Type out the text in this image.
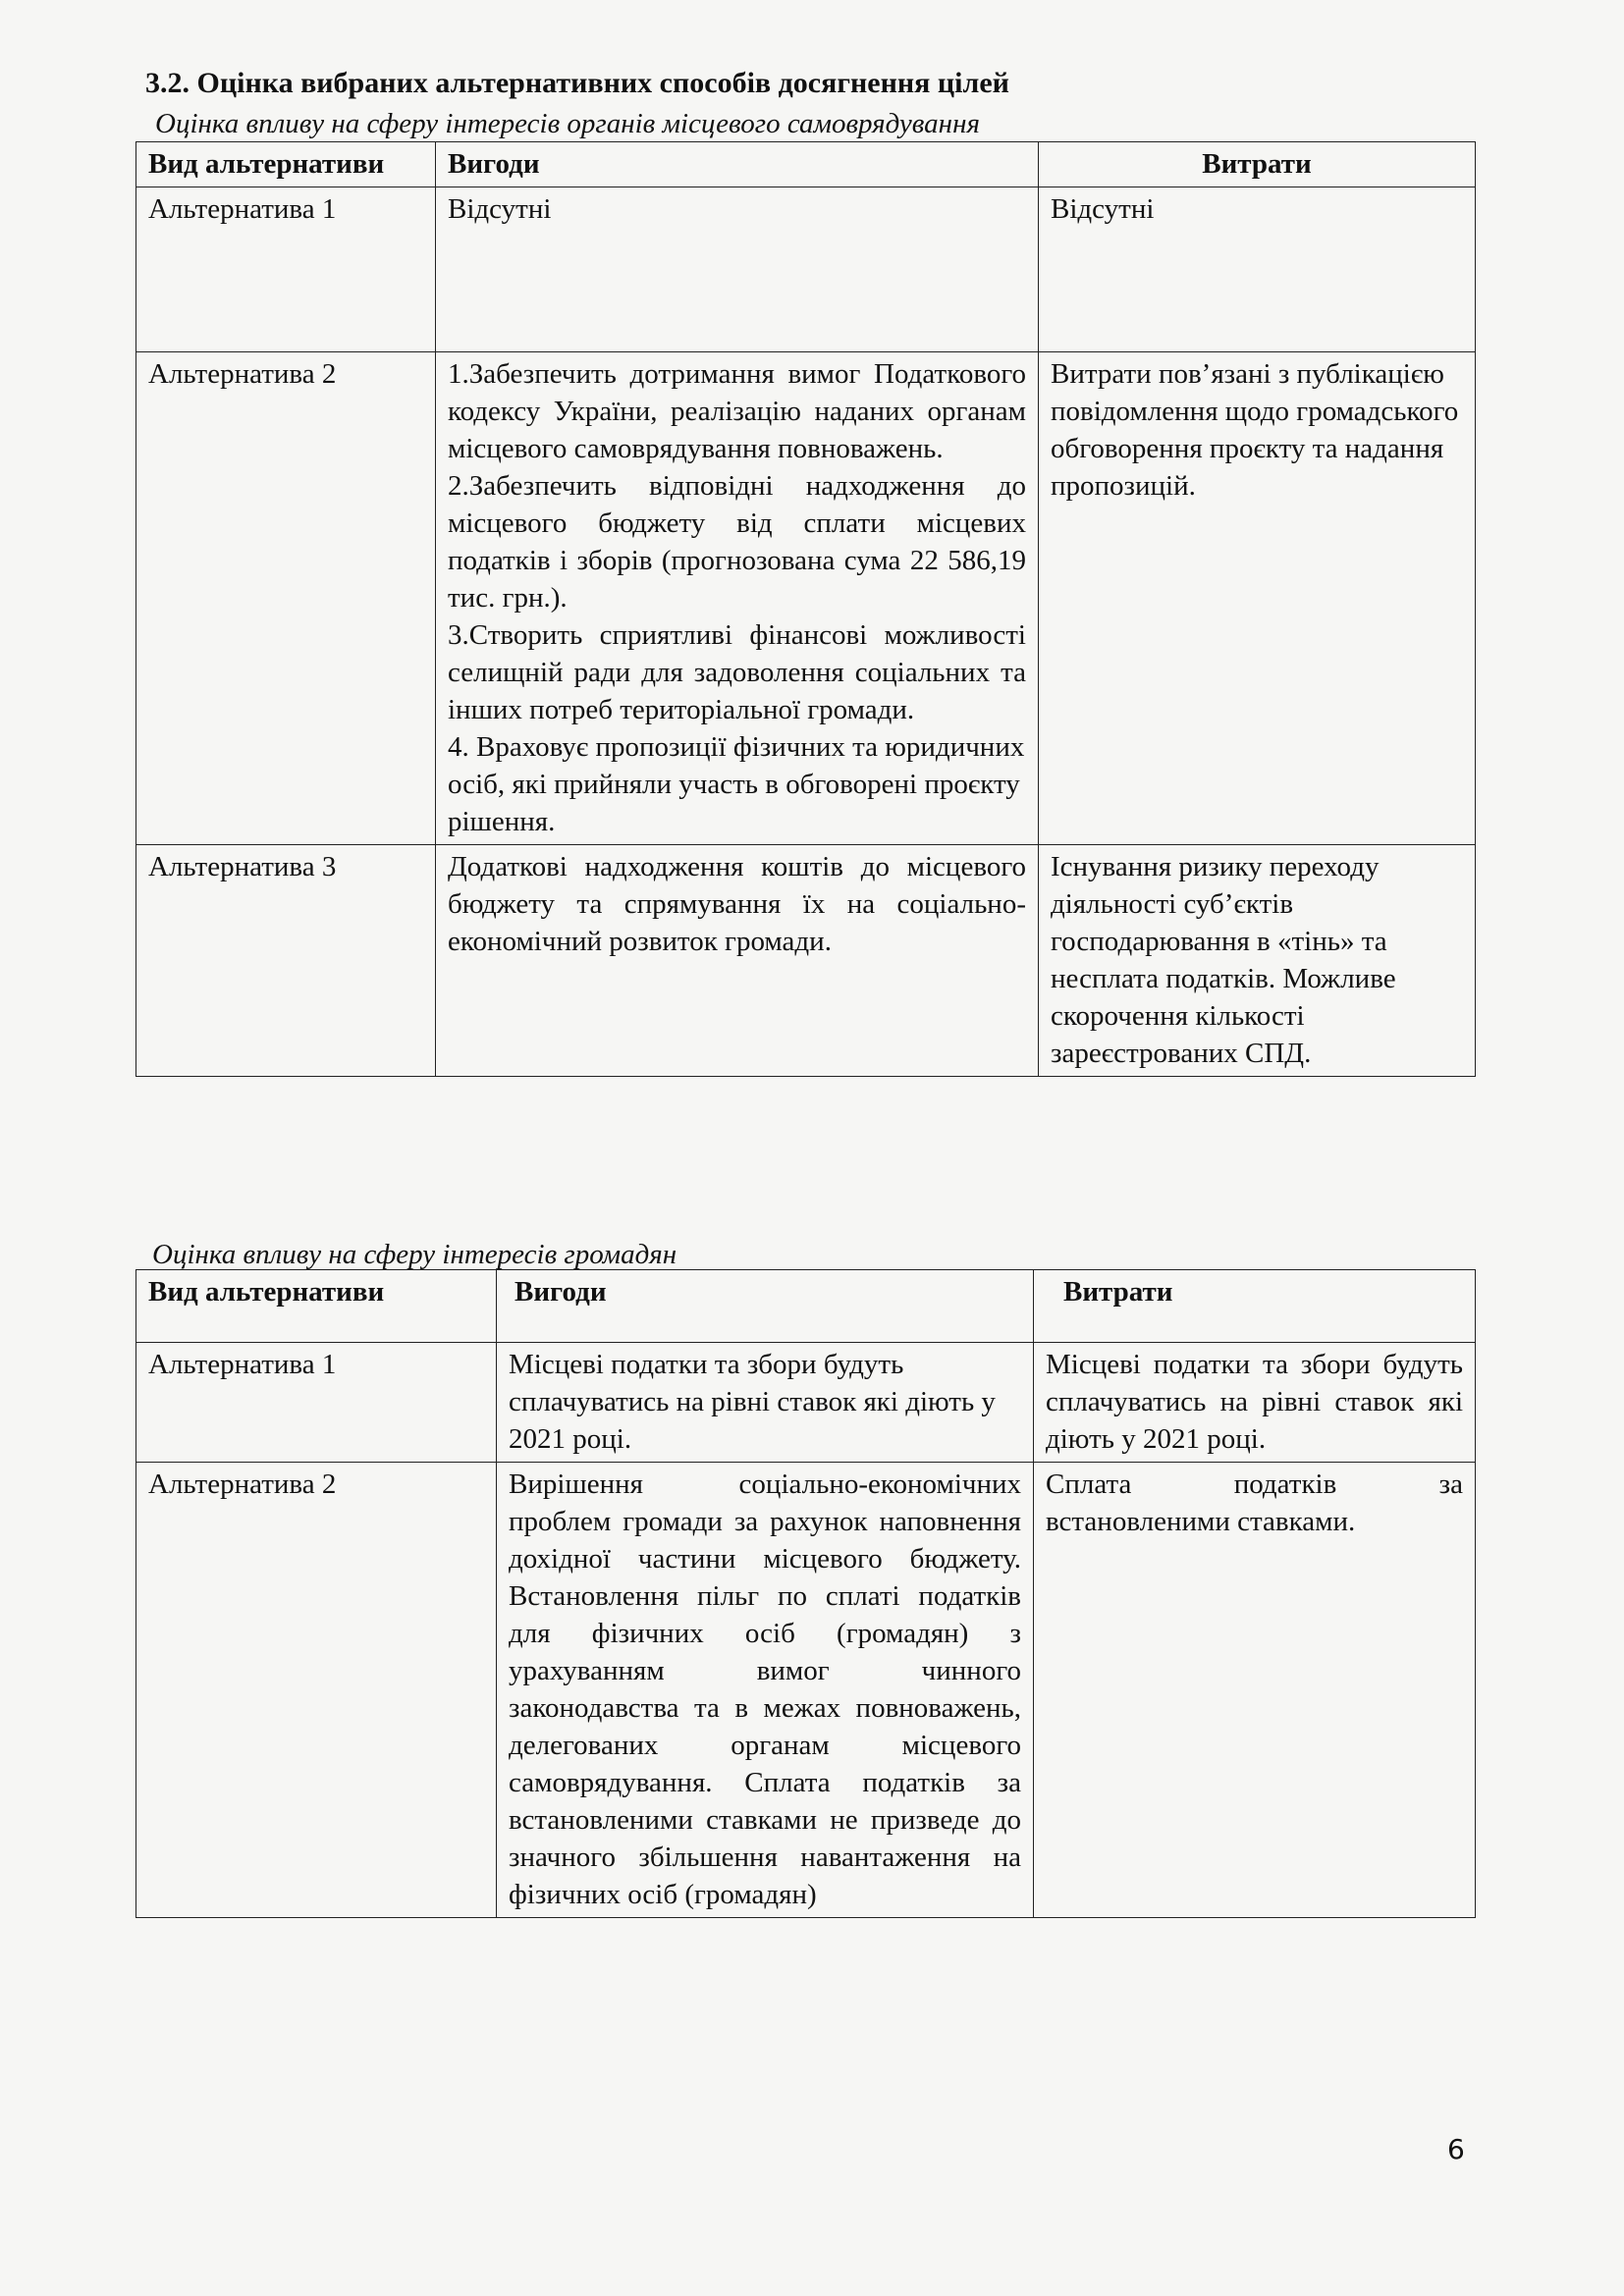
3.2. Оцінка вибраних альтернативних способів досягнення цілей

Оцінка впливу на сферу інтересів органів місцевого самоврядування

Вид альтернативи	Вигоди	Витрати
Альтернатива 1	Відсутні	Відсутні

Альтернатива 2	1.Забезпечить дотримання вимог Податкового кодексу України, реалізацію наданих органам місцевого самоврядування повноважень.
2.Забезпечить відповідні надходження до місцевого бюджету від сплати місцевих податків і зборів (прогнозована сума 22 586,19 тис. грн.).
3.Створить сприятливі фінансові можливості селищній ради для задоволення соціальних та інших потреб територіальної громади.
4. Враховує пропозиції фізичних та юридичних осіб, які прийняли участь в обговорені проєкту рішення.	Витрати пов’язані з публікацією повідомлення щодо громадського обговорення проєкту та надання пропозицій.

Альтернатива 3	Додаткові надходження коштів до місцевого бюджету та спрямування їх на соціально-економічний розвиток громади.	Існування ризику переходу діяльності суб’єктів господарювання в «тінь» та несплата податків. Можливе скорочення кількості зареєстрованих СПД.

Оцінка впливу на сферу інтересів громадян

Вид альтернативи	Вигоди	Витрати
Альтернатива 1	Місцеві податки та збори будуть сплачуватись на рівні ставок які діють у 2021 році.	Місцеві податки та збори будуть сплачуватись на рівні ставок які діють у 2021 році.

Альтернатива 2	Вирішення соціально-економічних проблем громади за рахунок наповнення дохідної частини місцевого бюджету. Встановлення пільг по сплаті податків для фізичних осіб (громадян) з урахуванням вимог чинного законодавства та в межах повноважень, делегованих органам місцевого самоврядування. Сплата податків за встановленими ставками не призведе до значного збільшення навантаження на фізичних осіб (громадян)	Сплата податків за встановленими ставками.
6
